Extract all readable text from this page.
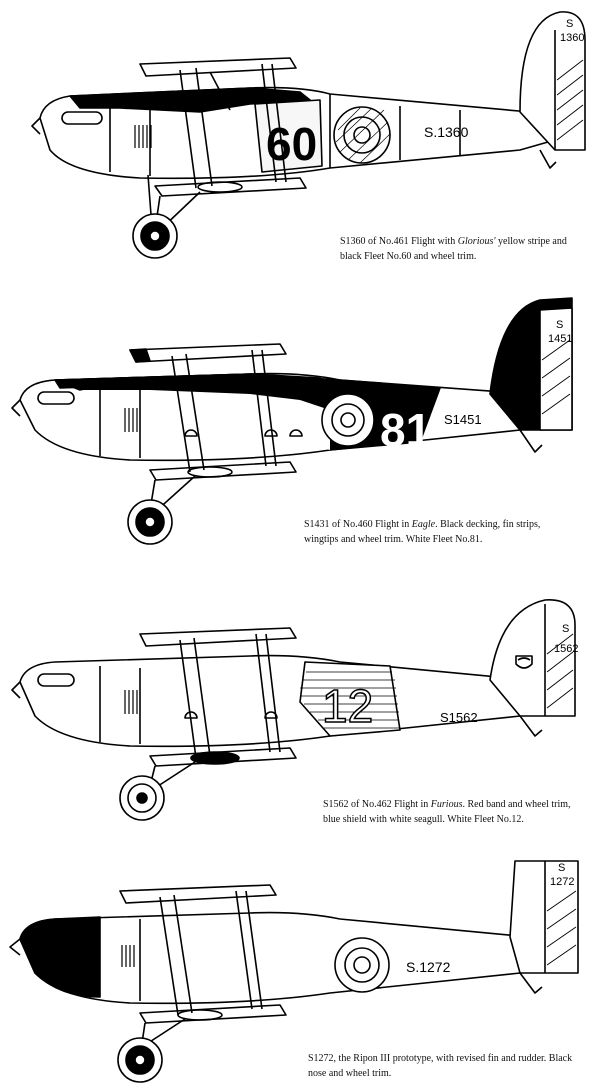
60	S.1360
S
1360
S1360 of No.461 Flight with Glorious' yellow stripe and black Fleet No.60 and wheel trim.
81 S1451
S
1451
S1431 of No.460 Flight in Eagle. Black decking, fin strips, wingtips and wheel trim. White Fleet No.81.
12	S1562
S
1562
S1562 of No.462 Flight in Furious. Red band and wheel trim, blue shield with white seagull. White Fleet No.12.
S.1272
S
1272
S1272, the Ripon III prototype, with revised fin and rudder. Black nose and wheel trim.
